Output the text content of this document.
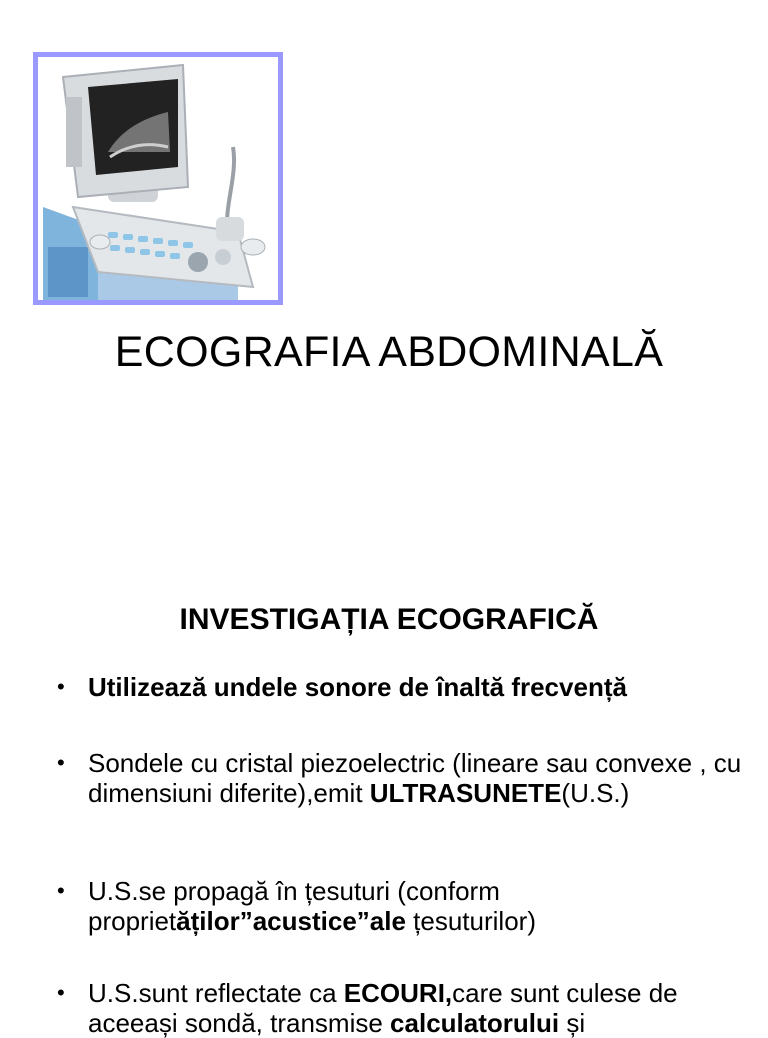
ECOGRAFIA ABDOMINALĂ
INVESTIGAȚIA ECOGRAFICĂ
• Utilizează undele sonore de înaltă frecvență
• Sondele cu cristal piezoelectric (lineare sau convexe , cu dimensiuni diferite),emit ULTRASUNETE(U.S.)
• U.S.se propagă în țesuturi (conform proprietăților”acustice”ale țesuturilor)
• U.S.sunt reflectate ca ECOURI,care sunt culese de aceeași sondă, transmise calculatorului și
